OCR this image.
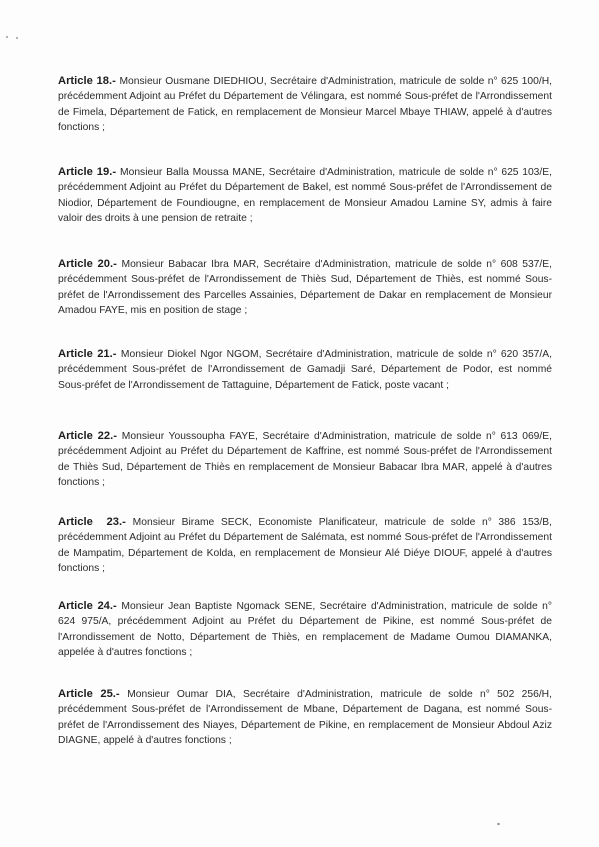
Article 18.- Monsieur Ousmane DIEDHIOU, Secrétaire d'Administration, matricule de solde n° 625 100/H, précédemment Adjoint au Préfet du Département de Vélingara, est nommé Sous-préfet de l'Arrondissement de Fimela, Département de Fatick, en remplacement de Monsieur Marcel Mbaye THIAW, appelé à d'autres fonctions ;

Article 19.- Monsieur Balla Moussa MANE, Secrétaire d'Administration, matricule de solde n° 625 103/E, précédemment Adjoint au Préfet du Département de Bakel, est nommé Sous-préfet de l'Arrondissement de Niodior, Département de Foundiougne, en remplacement de Monsieur Amadou Lamine SY, admis à faire valoir des droits à une pension de retraite ;

Article 20.- Monsieur Babacar Ibra MAR, Secrétaire d'Administration, matricule de solde n° 608 537/E, précédemment Sous-préfet de l'Arrondissement de Thiès Sud, Département de Thiès, est nommé Sous-préfet de l'Arrondissement des Parcelles Assainies, Département de Dakar en remplacement de Monsieur Amadou FAYE, mis en position de stage ;

Article 21.- Monsieur Diokel Ngor NGOM, Secrétaire d'Administration, matricule de solde n° 620 357/A, précédemment Sous-préfet de l'Arrondissement de Gamadji Saré, Département de Podor, est nommé Sous-préfet de l'Arrondissement de Tattaguine, Département de Fatick, poste vacant ;

Article 22.- Monsieur Youssoupha FAYE, Secrétaire d'Administration, matricule de solde n° 613 069/E, précédemment Adjoint au Préfet du Département de Kaffrine, est nommé Sous-préfet de l'Arrondissement de Thiès Sud, Département de Thiès en remplacement de Monsieur Babacar Ibra MAR, appelé à d'autres fonctions ;

Article  23.- Monsieur Birame SECK, Economiste Planificateur, matricule de solde n° 386 153/B, précédemment Adjoint au Préfet du Département de Salémata, est nommé Sous-préfet de l'Arrondissement de Mampatim, Département de Kolda, en remplacement de Monsieur Alé Diéye DIOUF, appelé à d'autres fonctions ;

Article 24.- Monsieur Jean Baptiste Ngomack SENE, Secrétaire d'Administration, matricule de solde n° 624 975/A, précédemment Adjoint au Préfet du Département de Pikine, est nommé Sous-préfet de l'Arrondissement de Notto, Département de Thiès, en remplacement de Madame Oumou DIAMANKA, appelée à d'autres fonctions ;

Article 25.- Monsieur Oumar DIA, Secrétaire d'Administration, matricule de solde n° 502 256/H, précédemment Sous-préfet de l'Arrondissement de Mbane, Département de Dagana, est nommé Sous-préfet de l'Arrondissement des Niayes, Département de Pikine, en remplacement de Monsieur Abdoul Aziz DIAGNE, appelé à d'autres fonctions ;
